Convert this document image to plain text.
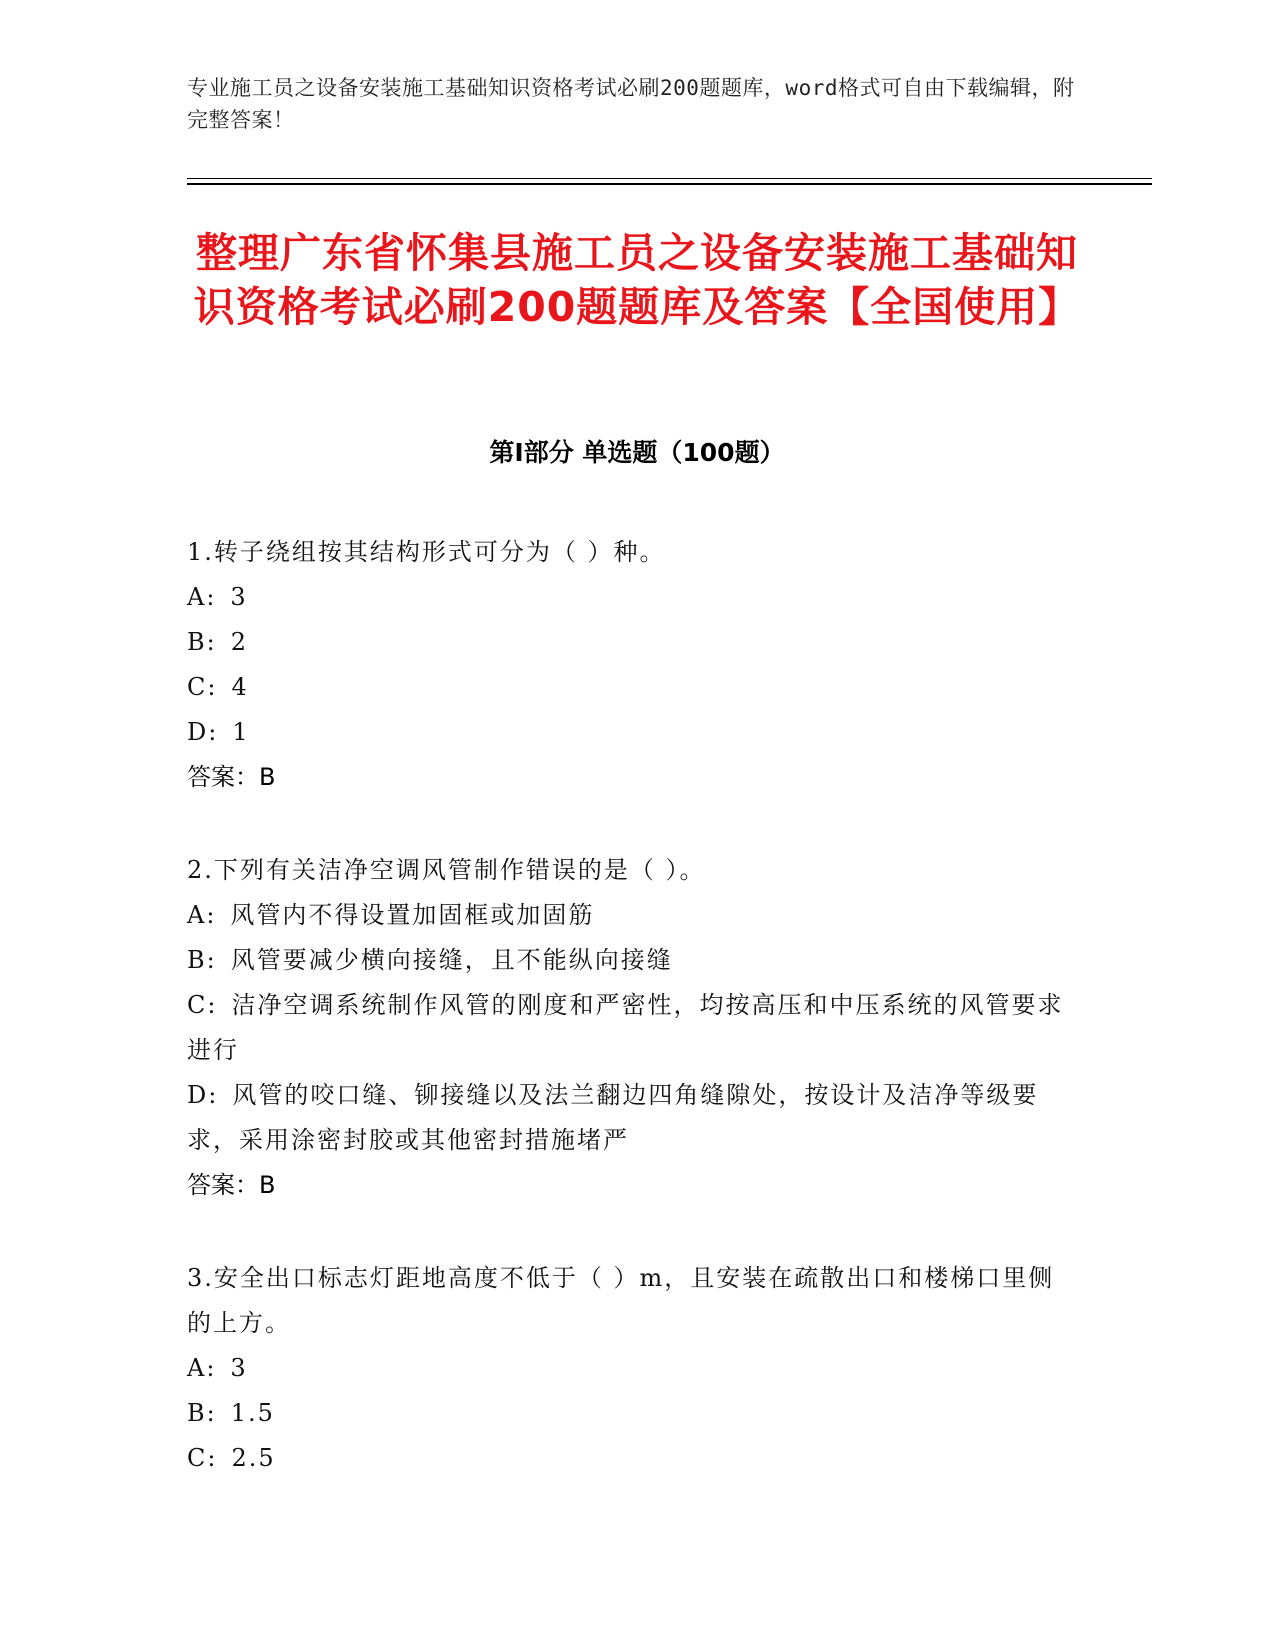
专业施工员之设备安装施工基础知识资格考试必刷200题题库，word格式可自由下载编辑，附完整答案！
整理广东省怀集县施工员之设备安装施工基础知识资格考试必刷200题题库及答案【全国使用】
第Ⅰ部分 单选题（100题）
1.转子绕组按其结构形式可分为（ ）种。
A: 3
B: 2
C: 4
D: 1
答案：B
2.下列有关洁净空调风管制作错误的是（ ）。
A: 风管内不得设置加固框或加固筋
B: 风管要减少横向接缝，且不能纵向接缝
C: 洁净空调系统制作风管的刚度和严密性，均按高压和中压系统的风管要求进行
D: 风管的咬口缝、铆接缝以及法兰翻边四角缝隙处，按设计及洁净等级要求，采用涂密封胶或其他密封措施堵严
答案：B
3.安全出口标志灯距地高度不低于（ ）m，且安装在疏散出口和楼梯口里侧的上方。
A: 3
B: 1.5
C: 2.5
